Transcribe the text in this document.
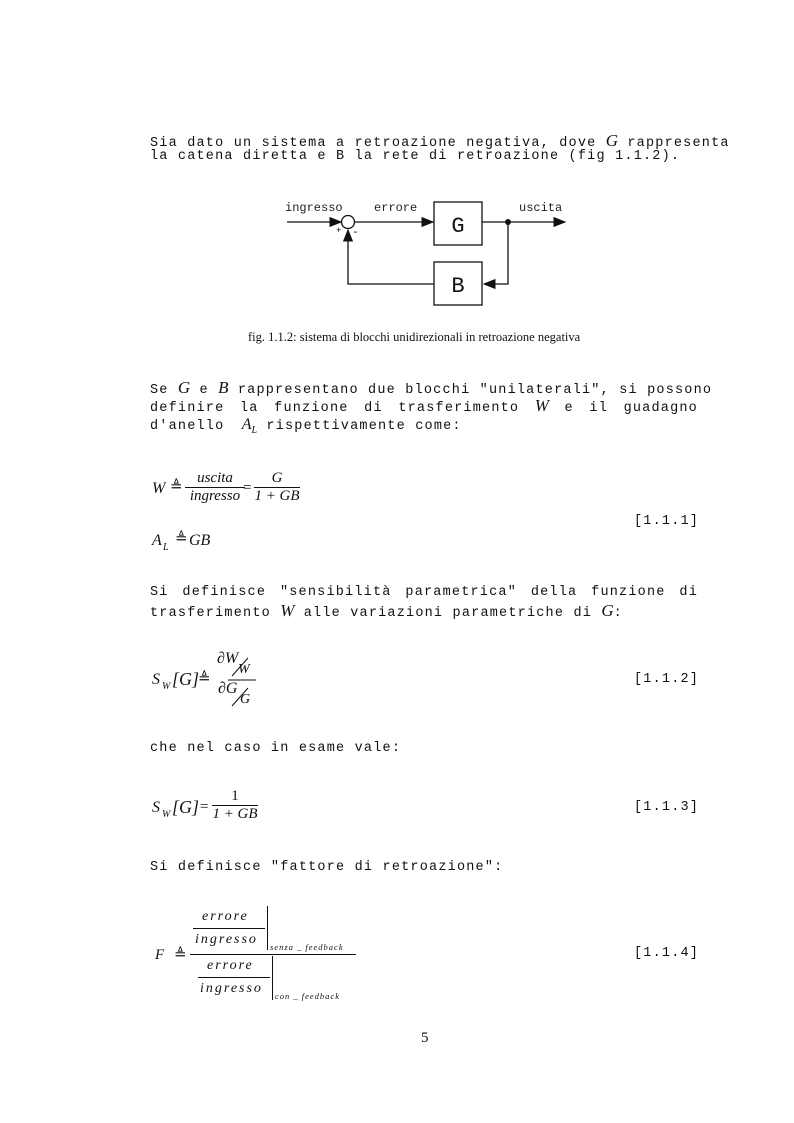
Sia dato un sistema a retroazione negativa, dove G rappresenta
la catena diretta e B la rete di retroazione (fig 1.1.2).
ingresso	errore	uscita
+ -	G
B
fig. 1.1.2: sistema di blocchi unidirezionali in retroazione negativa
Se G e B rappresentano due blocchi "unilaterali", si possono
definire la funzione di trasferimento W e il guadagno
d'anello $A_L$ rispettivamente come:
W ≜
uscita
ingresso = $\frac{G}{1 + GB}$
A L
≜ GB
[1.1.1]
Si definisce "sensibilità parametrica" della funzione di
trasferimento W alle variazioni parametriche di G:
S W [G]
≜
∂W
W
∂G
G
[1.1.2]
che nel caso in esame vale:
S W $[G] = \frac{1}{1 + GB}$	[1.1.3]
Si definisce "fattore di retroazione":
F ≜
errore
ingresso senza _ feedback
errore
ingresso con _ feedback
[1.1.4]
5
